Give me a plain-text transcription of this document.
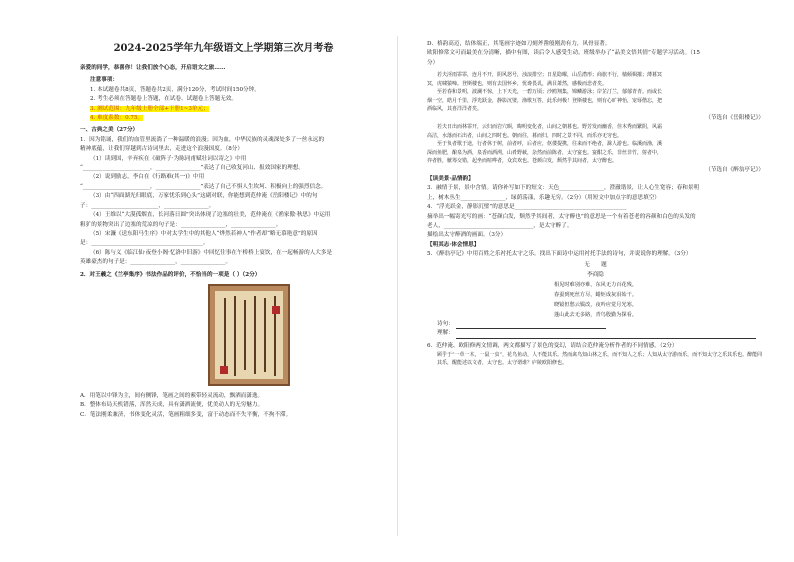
2024-2025学年九年级语文上学期第三次月考卷
亲爱的同学，恭喜你！让我们放个心态，开启语文之旅……
注意事项：
1. 本试题卷共8页，答题卷共2页，满分120分，考试时间150分钟。
2. 考生必须在答题卷上答题，在试卷、试题卷上答题无效。
3. 测试范围：九年级上册全部+下册1~3单元；
4. 难度系数：0.75。
一、古典之美（27分）
1．因为铭诵，我们的血管里流淌了一种温暖的浪漫；因为血，中华民族的灵魂深处多了一丝永远的
精神底蕴，让我们穿越到古诗词里去，走进这个浪漫国度。（8分）
（1）读到国，辛弃疾在《破阵子·为陈同甫赋壮词以寄之》中用
“________________________，________________”表达了自己收复河山、报效国家的理想。
（2）说到励志，李白在《行路难(其一)》中用
“________________________，________________”表达了自己不惧人生坎坷、积极向上的强烈信念。
（3）由“四面湖光归眼底，万家忧乐到心头”这副对联，你能想到范仲淹《岳阳楼记》中的句
子：________________________，________________。
（4）王维以“大漠孤烟直，长河落日圆”突出体现了边塞的壮美，范仲淹在《渔家傲·秋思》中运用
粗犷的景物突出了边塞的荒凉的句子是：________________，________________。
（5）宋濂《送东阳马生序》中对太学生中的其他人“烨然若神人”作者却“略无慕艳意”的原因
是：________________________________________。
（6）陈与义《临江仙·夜登小阁·忆洛中旧游》中回忆往事在午桥桥上宴饮，在一起畅游的人大多是
英雄豪杰的句子是：________________，________________。
2．对王羲之《兰亭集序》书法作品的评价，不恰当的一项是（ ）（2分）
A．用笔以中锋为主，间有侧锋，笔画之间的萦带轻灵流动，飘洒而潇逸。
B．整体布局天机错落，浑然天成，具有潇洒流便，优美动人的无穷魅力。
C．笔法刚柔兼济，书体变化灵活，笔画粗细多变，富于动态而不失平衡，不拘不滞。
D．格韵高迈，结体端正，其笔画字迹如刀刻斧凿般刚劲有力，风骨显著。
欧阳修常文可而最美在分清晰，描中有图，读后令人感受生动。班级举办了“品美文悟其情”专题学习活动。（15
分）
若夫淫雨霏霏，连月不开，阴风怒号，浊浪排空；日星隐曜，山岳潜形；商旅不行，樯倾楫摧；薄暮冥
冥，虎啸猿啼。登斯楼也，则有去国怀乡，忧谗畏讥，满目萧然，感极而悲者矣。
至若春和景明，波澜不惊，上下天光，一碧万顷；沙鸥翔集，锦鳞游泳；岸芷汀兰，郁郁青青。而或长
烟一空，皓月千里，浮光跃金，静影沉璧，渔歌互答，此乐何极！登斯楼也，则有心旷神怡，宠辱偕忘，把
酒临风，其喜洋洋者矣。
（节选自《岳阳楼记》）
若夫日出而林霏开，云归而岩穴暝，晦明变化者，山间之朝暮也。野芳发而幽香，佳木秀而繁阴，风霜
高洁，水落而石出者，山间之四时也。朝而往，暮而归，四时之景不同，而乐亦无穷也。
至于负者歌于途，行者休于树，前者呼，后者应，伛偻提携，往来而不绝者，滁人游也。临溪而渔，溪
深而鱼肥，酿泉为酒，泉香而酒洌，山肴野蔌，杂然而前陈者，太守宴也。宴酣之乐，非丝非竹，射者中，
弈者胜，觥筹交错，起坐而喧哗者，众宾欢也。苍颜白发，颓然乎其间者，太守醉也。
（节选自《醉翁亭记》）
【读美景·品情韵】
3．融情于景，景中含情。请你补写如下的短文：天色________________，澄澈谐景，让人心生宽容；春和景明
上，树木丛生________________，绿荫荡漾，乐趣无穷。（2分）（用短文中加点字的意思填空）
4．“浮光跃金，静影沉璧”的意思是________________________________________
摘举出一幅寄光写的画：“苍颜白发，颓然乎其间者，太守醉也”的意思是一个有着苍老的容颜和白色的头发的
老人，________________________________，是太守醉了。
描绘出太守醉酒的画面。（3分）
【明其志·体会情思】
5．《醉翁亭记》中用百姓之乐衬托太守之乐。找出下面诗中运用衬托手法的诗句，并说说你的理解。（3分）
无　　题
李商隐
相见时难别亦难，东风无力百花残。
春蚕到死丝方尽，蜡炬成灰泪始干。
晓镜但愁云鬓改，夜吟应觉月光寒。
蓬山此去无多路，青鸟殷勤为探看。
诗句：
理解：
6．范仲淹、欧阳修两文情调，两文都描写了景色的变幻，请结合范仲淹分析作者的不同情感。（2分）
顾乎于“一草一木，一鼠一虫”，花鸟鱼动，人不能其乐。然而禽鸟知山林之乐，而不知人之乐；人知从太守游而乐，而不知太守之乐其乐也。醉能同其乐，醒能述以文者，太守也。太守谓谁？庐陵欧阳修也。
